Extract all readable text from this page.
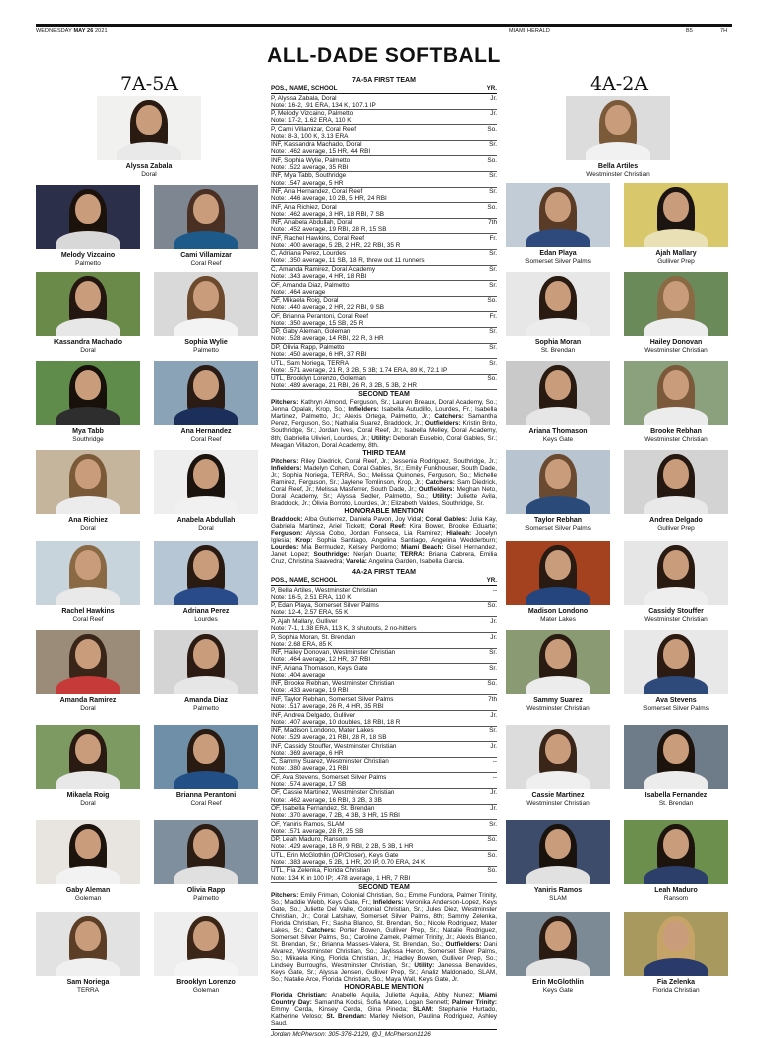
WEDNESDAY MAY 26 2021	MIAMI HERALD	B5	7H
ALL-DADE SOFTBALL
7A-5A	4A-2A
Alyssa Zabala
Doral
Melody Vizcaino
Palmetto
Cami Villamizar
Coral Reef
Kassandra Machado
Doral
Sophia Wylie
Palmetto
Mya Tabb
Southridge
Ana Hernandez
Coral Reef
Ana Richiez
Doral
Anabela Abdullah
Doral
Rachel Hawkins
Coral Reef
Adriana Perez
Lourdes
Amanda Ramirez
Doral
Amanda Diaz
Palmetto
Mikaela Roig
Doral
Brianna Perantoni
Coral Reef
Gaby Aleman
Goleman
Olivia Rapp
Palmetto
Sam Noriega
TERRA
Brooklyn Lorenzo
Goleman
Bella Artiles
Westminster Christian
Edan Playa
Somerset Silver Palms
Ajah Mallary
Gulliver Prep
Sophia Moran
St. Brendan
Hailey Donovan
Westminster Christian
Ariana Thomason
Keys Gate
Brooke Rebhan
Westminster Christian
Taylor Rebhan
Somerset Silver Palms
Andrea Delgado
Gulliver Prep
Madison Londono
Mater Lakes
Cassidy Stouffer
Westminster Christian
Sammy Suarez
Westminster Christian
Ava Stevens
Somerset Silver Palms
Cassie Martinez
Westminster Christian
Isabella Fernandez
St. Brendan
Yaniris Ramos
SLAM
Leah Maduro
Ransom
Erin McGlothlin
Keys Gate
Fia Zelenka
Florida Christian
7A-5A FIRST TEAM
POS., NAME, SCHOOL	YR.
P, Alyssa Zabala, Doral	Jr.
Note: 16-2, .91 ERA, 134 K, 107.1 IP
P, Melody Vizcaino, Palmetto	Jr.
Note: 17-2, 1.62 ERA, 110 K
P, Cami Villamizar, Coral Reef	So.
Note: 8-3, 100 K, 3.13 ERA
INF, Kassandra Machado, Doral	Sr.
Note: .462 average, 15 HR, 44 RBI
INF, Sophia Wylie, Palmetto	So.
Note: .522 average, 35 RBI
INF, Mya Tabb, Southridge	Sr.
Note: .547 average, 5 HR
INF, Ana Hernandez, Coral Reef	Sr.
Note: .446 average, 10 2B, 5 HR, 24 RBI
INF, Ana Richiez, Doral	So.
Note: .462 average, 3 HR, 18 RBI, 7 SB
INF, Anabela Abdullah, Doral	7th
Note: .452 average, 19 RBI, 28 R, 15 SB
INF, Rachel Hawkins, Coral Reef	Fr.
Note: .400 average, 5 2B, 2 HR, 22 RBI, 35 R
C, Adriana Perez, Lourdes	Sr.
Note: .350 average, 11 SB, 18 R, threw out 11 runners
C, Amanda Ramirez, Doral Academy	Sr.
Note: .343 average, 4 HR, 18 RBI
OF, Amanda Diaz, Palmetto	Sr.
Note: .464 average
OF, Mikaela Roig, Doral	So.
Note: .440 average, 2 HR, 22 RBI, 9 SB
OF, Brianna Perantoni, Coral Reef	Fr.
Note: .350 average, 15 SB, 25 R
DP, Gaby Aleman, Goleman	Sr.
Note: .528 average, 14 RBI, 22 R, 3 HR
DP, Olivia Rapp, Palmetto	Sr.
Note: .450 average, 6 HR, 37 RBI
UTL, Sam Noriega, TERRA	Sr.
Note: .571 average, 21 R, 3 2B, 5 3B; 1.74 ERA, 89 K, 72.1 IP
UTL, Brooklyn Lorenzo, Goleman	So.
Note: .489 average, 21 RBI, 26 R, 3 2B, 5 3B, 2 HR
SECOND TEAM
Pitchers: Kathryn Almond, Ferguson, Sr.; Lauren Breaux, Doral Academy, So.; Jenna Opalak, Krop, So.; Infielders: Isabella Autudillo, Lourdes, Fr.; Isabella Martinez, Palmetto, Jr.; Alexis Ortega, Palmetto, Jr.; Catchers: Samantha Perez, Ferguson, So.; Nathalia Suarez, Braddock, Jr.; Outfielders: Kristin Brito, Southridge, Sr.; Jordan Ives, Coral Reef, Jr.; Isabella Melley, Doral Academy, 8th; Gabriella Ulivieri, Lourdes, Jr.; Utility: Deborah Eusebio, Coral Gables, Sr.; Meagan Villazon, Doral Academy, 8th.
THIRD TEAM
Pitchers: Riley Diedrick, Coral Reef, Jr.; Jessenia Rodriguez, Southridge, Jr.; Infielders: Madelyn Cohen, Coral Gables, Sr.; Emily Funkhouser, South Dade, Jr.; Sophia Noriega, TERRA, So.; Melissa Quinones, Ferguson, So.; Michelle Ramirez, Ferguson, Sr.; Jaylene Tomlinson, Krop, Jr.; Catchers: Sam Diedrick, Coral Reef, Jr.; Melissa Masferrer, South Dade, Jr.; Outfielders: Meghan Neto, Doral Academy, Sr.; Alyssa Sedler, Palmetto, So.; Utility: Juliette Avila, Braddock, Jr.; Olivia Borroto, Lourdes, Jr.; Elizabeth Valdes, Southridge, Sr.
HONORABLE MENTION
Braddock: Alba Gutierrez, Daniela Pavon, Joy Vidal; Coral Gables: Julia Kay, Gabriela Martinez, Ariel Tickett; Coral Reef: Kira Bower, Brooke Eduarte; Ferguson: Alyssa Cobo, Jordan Fonseca, Lia Ramirez; Hialeah: Jocelyn Iglesia; Krop: Sophia Santiago, Angelina Santiago, Angelina Wedderburn; Lourdes: Mia Bermudez, Kelsey Perdomo; Miami Beach: Gisel Hernandez, Janet Lopez; Southridge: Nerjah Duarte; TERRA: Briana Cabrera, Emilia Cruz, Christina Saavedra; Varela: Angelina Garden, Isabella Garcia.
4A-2A FIRST TEAM
POS., NAME, SCHOOL	YR.
P, Bella Artiles, Westminster Christian	--
Note: 16-5, 2.51 ERA, 110 K
P, Edan Playa, Somerset Silver Palms	So.
Note: 12-4, 2.57 ERA, 55 K
P, Ajah Mallary, Gulliver	Jr.
Note: 7-1, 1.38 ERA, 113 K, 3 shutouts, 2 no-hitters
P, Sophia Moran, St. Brendan	Jr.
Note: 2.68 ERA, 85 K
INF, Hailey Donovan, Westminster Christian	Sr.
Note: .464 average, 12 HR, 37 RBI
INF, Ariana Thomason, Keys Gate	Sr.
Note: .404 average
INF, Brooke Rebhan, Westminster Christian	So.
Note: .433 average, 19 RBI
INF, Taylor Rebhan, Somerset Silver Palms	7th
Note: .517 average, 26 R, 4 HR, 35 RBI
INF, Andrea Delgado, Gulliver	Jr.
Note: .407 average, 10 doubles, 18 RBI, 18 R
INF, Madison Londono, Mater Lakes	Sr.
Note: .529 average, 21 RBI, 28 R, 18 SB
INF, Cassidy Stouffer, Westminster Christian	Jr.
Note: .369 average, 6 HR
C, Sammy Suarez, Westminster Christian	--
Note: .380 average, 21 RBI
OF, Ava Stevens, Somerset Silver Palms	--
Note: .574 average, 17 SB
OF, Cassie Martinez, Westminster Christian	Jr.
Note: .462 average, 16 RBI, 3 2B, 3 3B
OF, Isabella Fernandez, St. Brendan	Jr.
Note: .370 average, 7 2B, 4 3B, 3 HR, 15 RBI
OF, Yaniris Ramos, SLAM	Sr.
Note: .571 average, 28 R, 25 SB
DP, Leah Maduro, Ransom	So.
Note: .429 average, 18 R, 9 RBI, 2 2B, 5 3B, 1 HR
UTL, Erin McGlothlin (DP/Closer), Keys Gate	So.
Note: .383 average, 5 2B, 1 HR, 20 IP, 0.70 ERA, 24 K
UTL, Fia Zelenka, Florida Christian	So.
Note: 134 K in 100 IP; .478 average, 1 HR, 7 RBI
SECOND TEAM
Pitchers: Emily Friman, Colonial Christian, So.; Emme Fundora, Palmer Trinity, So.; Maddie Webb, Keys Gate, Fr.; Infielders: Veronika Anderson-Lopez, Keys Gate, So.; Juliette Del Valle, Colonial Christian, Sr.; Jules Diez, Westminster Christian, Jr.; Coral Latshaw, Somerset Silver Palms, 8th; Sammy Zelenka, Florida Christian, Fr.; Sasha Blanco, St. Brendan, So.; Nicole Rodriguez, Mater Lakes, Sr.; Catchers: Porter Bowen, Gulliver Prep, Sr.; Natalie Rodriguez, Somerset Silver Palms, So.; Caroline Zamek, Palmer Trinity, Jr.; Alexis Blanco, St. Brendan, Sr.; Brianna Masses-Valera, St. Brendan, So.; Outfielders: Dani Alvarez, Westminster Christian, So.; Jaylissa Heron, Somerset Silver Palms, So.; Mikaela King, Florida Christian, Jr.; Hadley Bowen, Gulliver Prep, So.; Lindsey Burroughs, Westminster Christian, Sr.; Utility: Janessa Benavides, Keys Gate, Sr.; Alyssa Jensen, Gulliver Prep, Sr.; Analiz Maldonado, SLAM, So.; Natalie Arce, Florida Christian, So.; Maya Wall, Keys Gate, Jr.
HONORABLE MENTION
Florida Christian: Anabelle Aquila, Juliette Aquila, Abby Nunez; Miami Country Day: Samantha Kodsi, Sofia Mateo, Logan Sennett; Palmer Trinity: Emmy Cerda, Kinsey Cerda, Gina Pineda; SLAM: Stephanie Hurtado, Katherine Veloso; St. Brendan: Marley Nielson, Paulina Rodriguez, Ashley Saud.
Jordan McPherson: 305-376-2129, @J_McPherson1126
